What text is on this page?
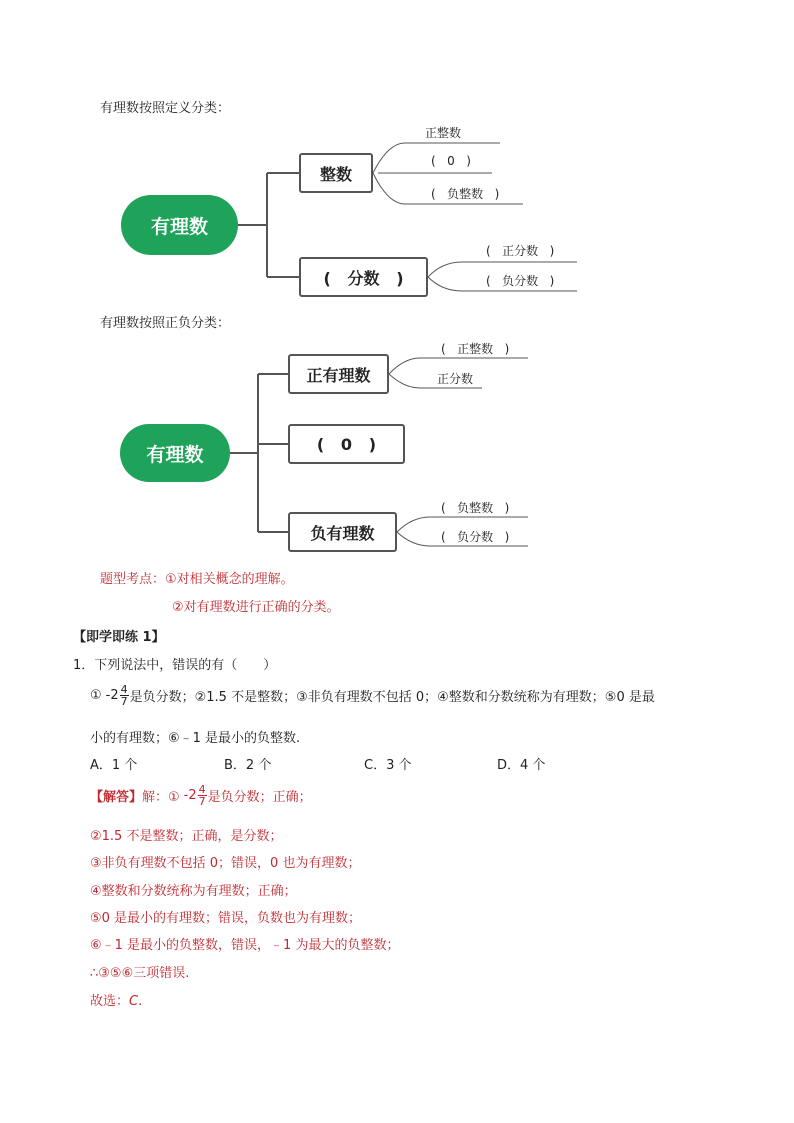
有理数按照定义分类：
有理数
整数
(   分数   )
正整数
(   0   )
(   负整数   )
(   正分数   )
(   负分数   )
有理数按照正负分类：
有理数
正有理数
(   0   )
负有理数
(   正整数   )
正分数
(   负整数   )
(   负分数   )
题型考点：①对相关概念的理解。
②对有理数进行正确的分类。
【即学即练 1】
1．下列说法中，错误的有（　　）
① $-2 \frac{4}{7}$ 是负分数；②1.5 不是整数；③非负有理数不包括 0；④整数和分数统称为有理数；⑤0 是最
小的有理数；⑥﹣1 是最小的负整数.
A．1 个	B．2 个	C．3 个	D．4 个
【解答】 解：① $-2 \frac{4}{7}$ 是负分数；正确；
②1.5 不是整数；正确，是分数；
③非负有理数不包括 0；错误，0 也为有理数；
④整数和分数统称为有理数；正确；
⑤0 是最小的有理数；错误，负数也为有理数；
⑥﹣1 是最小的负整数，错误，﹣1 为最大的负整数；
∴③⑤⑥三项错误.
故选：C.
